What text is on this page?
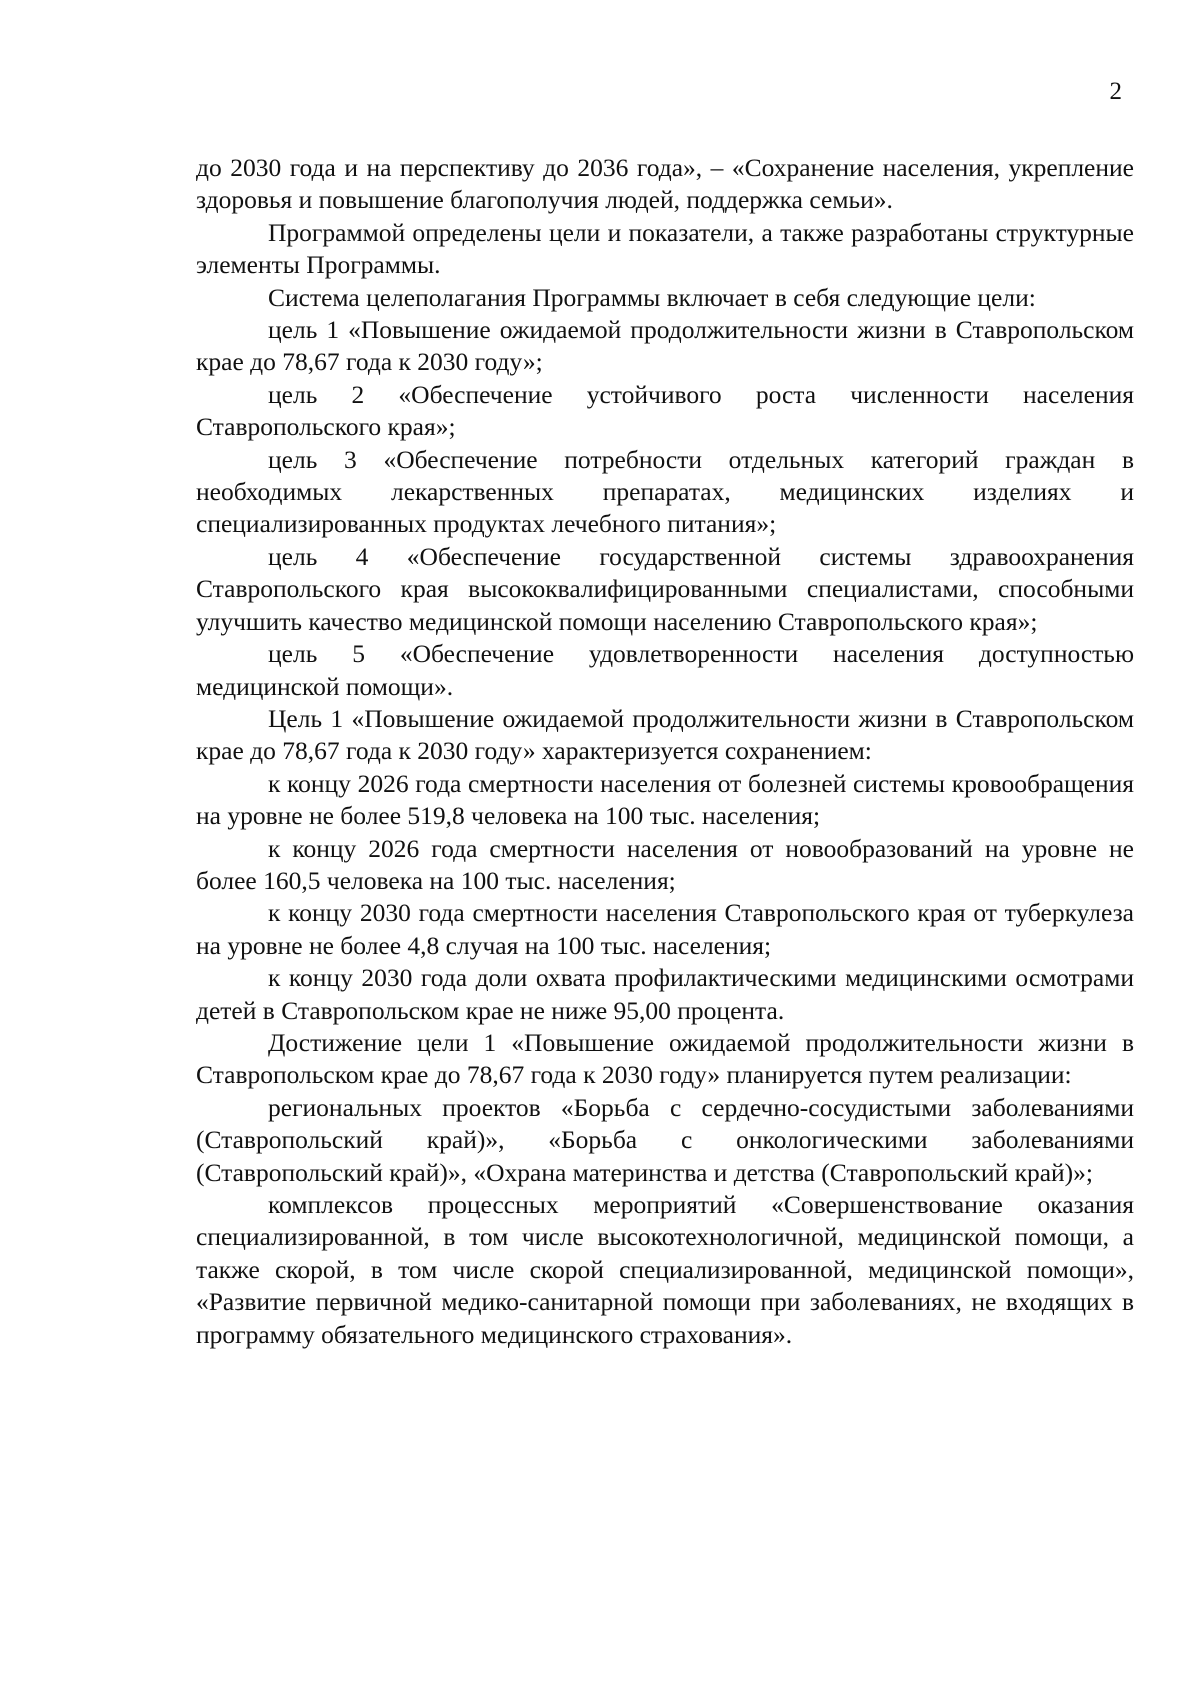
2

до 2030 года и на перспективу до 2036 года», – «Сохранение населения, укрепление здоровья и повышение благополучия людей, поддержка семьи».

Программой определены цели и показатели, а также разработаны структурные элементы Программы.

Система целеполагания Программы включает в себя следующие цели:

цель 1 «Повышение ожидаемой продолжительности жизни в Ставропольском крае до 78,67 года к 2030 году»;

цель 2 «Обеспечение устойчивого роста численности населения Ставропольского края»;

цель 3 «Обеспечение потребности отдельных категорий граждан в необходимых лекарственных препаратах, медицинских изделиях и специализированных продуктах лечебного питания»;

цель 4 «Обеспечение государственной системы здравоохранения Ставропольского края высококвалифицированными специалистами, способными улучшить качество медицинской помощи населению Ставропольского края»;

цель 5 «Обеспечение удовлетворенности населения доступностью медицинской помощи».

Цель 1 «Повышение ожидаемой продолжительности жизни в Ставропольском крае до 78,67 года к 2030 году» характеризуется сохранением:

к концу 2026 года смертности населения от болезней системы кровообращения на уровне не более 519,8 человека на 100 тыс. населения;

к концу 2026 года смертности населения от новообразований на уровне не более 160,5 человека на 100 тыс. населения;

к концу 2030 года смертности населения Ставропольского края от туберкулеза на уровне не более 4,8 случая на 100 тыс. населения;

к концу 2030 года доли охвата профилактическими медицинскими осмотрами детей в Ставропольском крае не ниже 95,00 процента.

Достижение цели 1 «Повышение ожидаемой продолжительности жизни в Ставропольском крае до 78,67 года к 2030 году» планируется путем реализации:

региональных проектов «Борьба с сердечно-сосудистыми заболеваниями (Ставропольский край)», «Борьба с онкологическими заболеваниями (Ставропольский край)», «Охрана материнства и детства (Ставропольский край)»;

комплексов процессных мероприятий «Совершенствование оказания специализированной, в том числе высокотехнологичной, медицинской помощи, а также скорой, в том числе скорой специализированной, медицинской помощи», «Развитие первичной медико-санитарной помощи при заболеваниях, не входящих в программу обязательного медицинского страхования».
